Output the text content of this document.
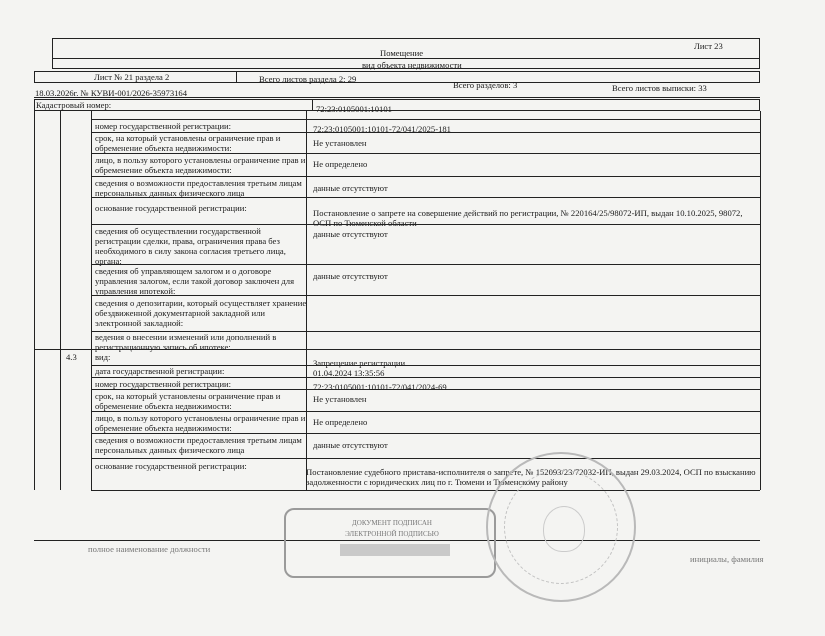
Лист 23
Помещение
вид объекта недвижимости
Лист № 21 раздела 2	Всего листов раздела 2: 29
Всего разделов: 3	Всего листов выписки: 33
18.03.2026г. № КУВИ-001/2026-35973164
Кадастровый номер:	72:23:0105001:10101
номер государственной регистрации:	72:23:0105001:10101-72/041/2025-181
срок, на который установлены ограничение прав и обременение объекта недвижимости:	Не установлен
лицо, в пользу которого установлены ограничение прав и обременение объекта недвижимости:
Не определено
сведения о возможности предоставления третьим лицам персональных данных физического лица	данные отсутствуют
основание государственной регистрации:	Постановление о запрете на совершение действий по регистрации, № 220164/25/98072-ИП, выдан 10.10.2025, 98072, ОСП по Тюменской области
сведения об осуществлении государственной регистрации сделки, права, ограничения права без необходимого в силу закона согласия третьего лица, органа:
данные отсутствуют
сведения об управляющем залогом и о договоре управления залогом, если такой договор заключен для управления ипотекой:
данные отсутствуют
сведения о депозитарии, который осуществляет хранение обездвиженной документарной закладной или электронной закладной:
ведения о внесении изменений или дополнений в регистрационную запись об ипотеке:
4.3 вид:
Запрещение регистрации
дата государственной регистрации:	01.04.2024 13:35:56
номер государственной регистрации:	72:23:0105001:10101-72/041/2024-69
срок, на который установлены ограничение прав и обременение объекта недвижимости:
Не установлен
лицо, в пользу которого установлены ограничение прав и обременение объекта недвижимости:
Не определено
сведения о возможности предоставления третьим лицам персональных данных физического лица	данные отсутствуют
основание государственной регистрации:
Постановление судебного пристава-исполнителя о запрете, № 152093/23/72032-ИП, выдан 29.03.2024, ОСП по взысканию задолженности с юридических лиц по г. Тюмени и Тюменскому району
полное наименование должности
инициалы, фамилия
ДОКУМЕНТ ПОДПИСАН ЭЛЕКТРОННОЙ ПОДПИСЬЮ
